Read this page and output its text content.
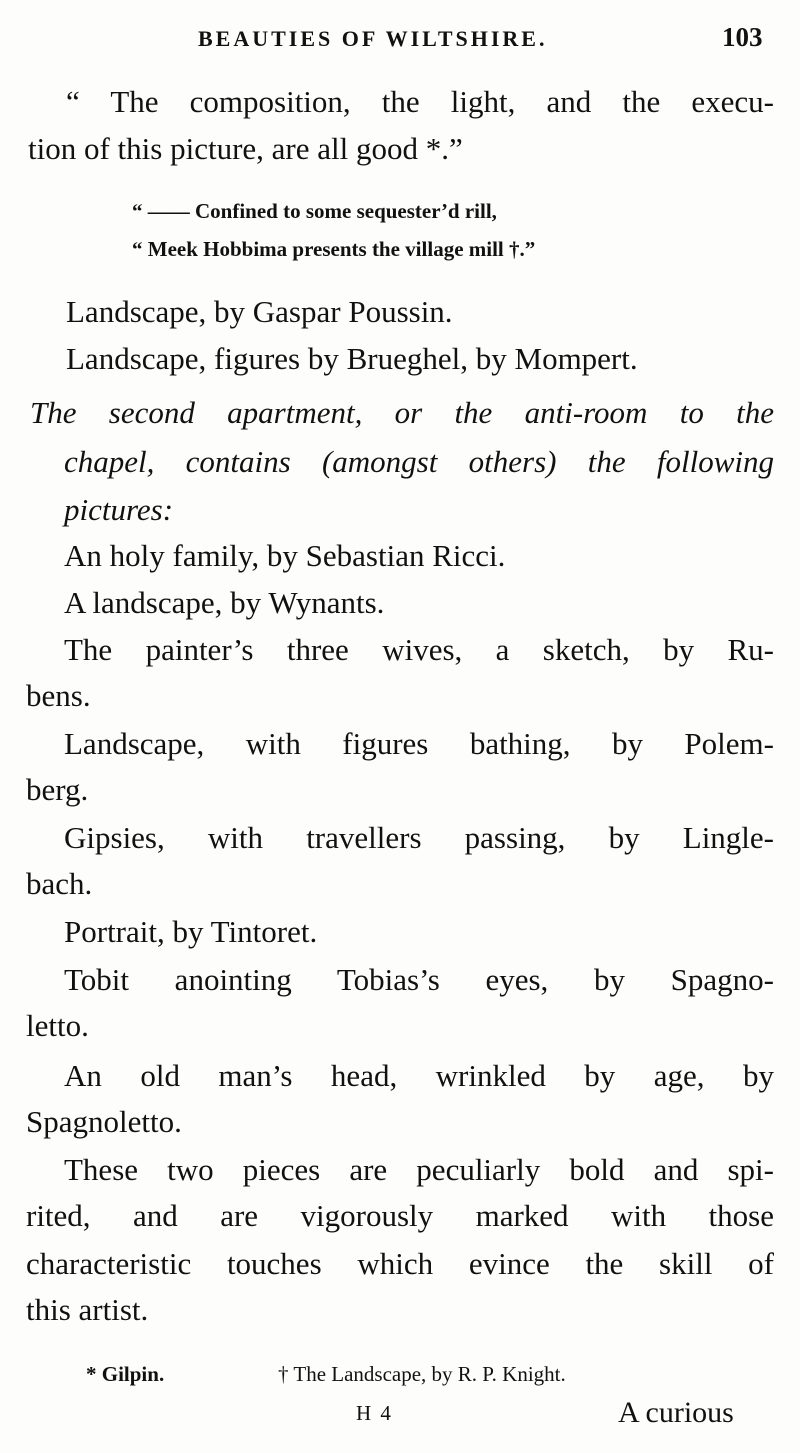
BEAUTIES OF WILTSHIRE.	103
“ The composition, the light, and the execu-
tion of this picture, are all good *.”
“ —— Confined to some sequester’d rill,
“ Meek Hobbima presents the village mill †.”
Landscape, by Gaspar Poussin.
Landscape, figures by Brueghel, by Mompert.
The second apartment, or the anti-room to the
chapel, contains (amongst others) the following
pictures:
An holy family, by Sebastian Ricci.
A landscape, by Wynants.
The painter’s three wives, a sketch, by Ru-
bens.
Landscape, with figures bathing, by Polem-
berg.
Gipsies, with travellers passing, by Lingle-
bach.
Portrait, by Tintoret.
Tobit anointing Tobias’s eyes, by Spagno-
letto.
An old man’s head, wrinkled by age, by
Spagnoletto.
These two pieces are peculiarly bold and spi-
rited, and are vigorously marked with those
characteristic touches which evince the skill of
this artist.
* Gilpin.	† The Landscape, by R. P. Knight.
H 4	A curious
